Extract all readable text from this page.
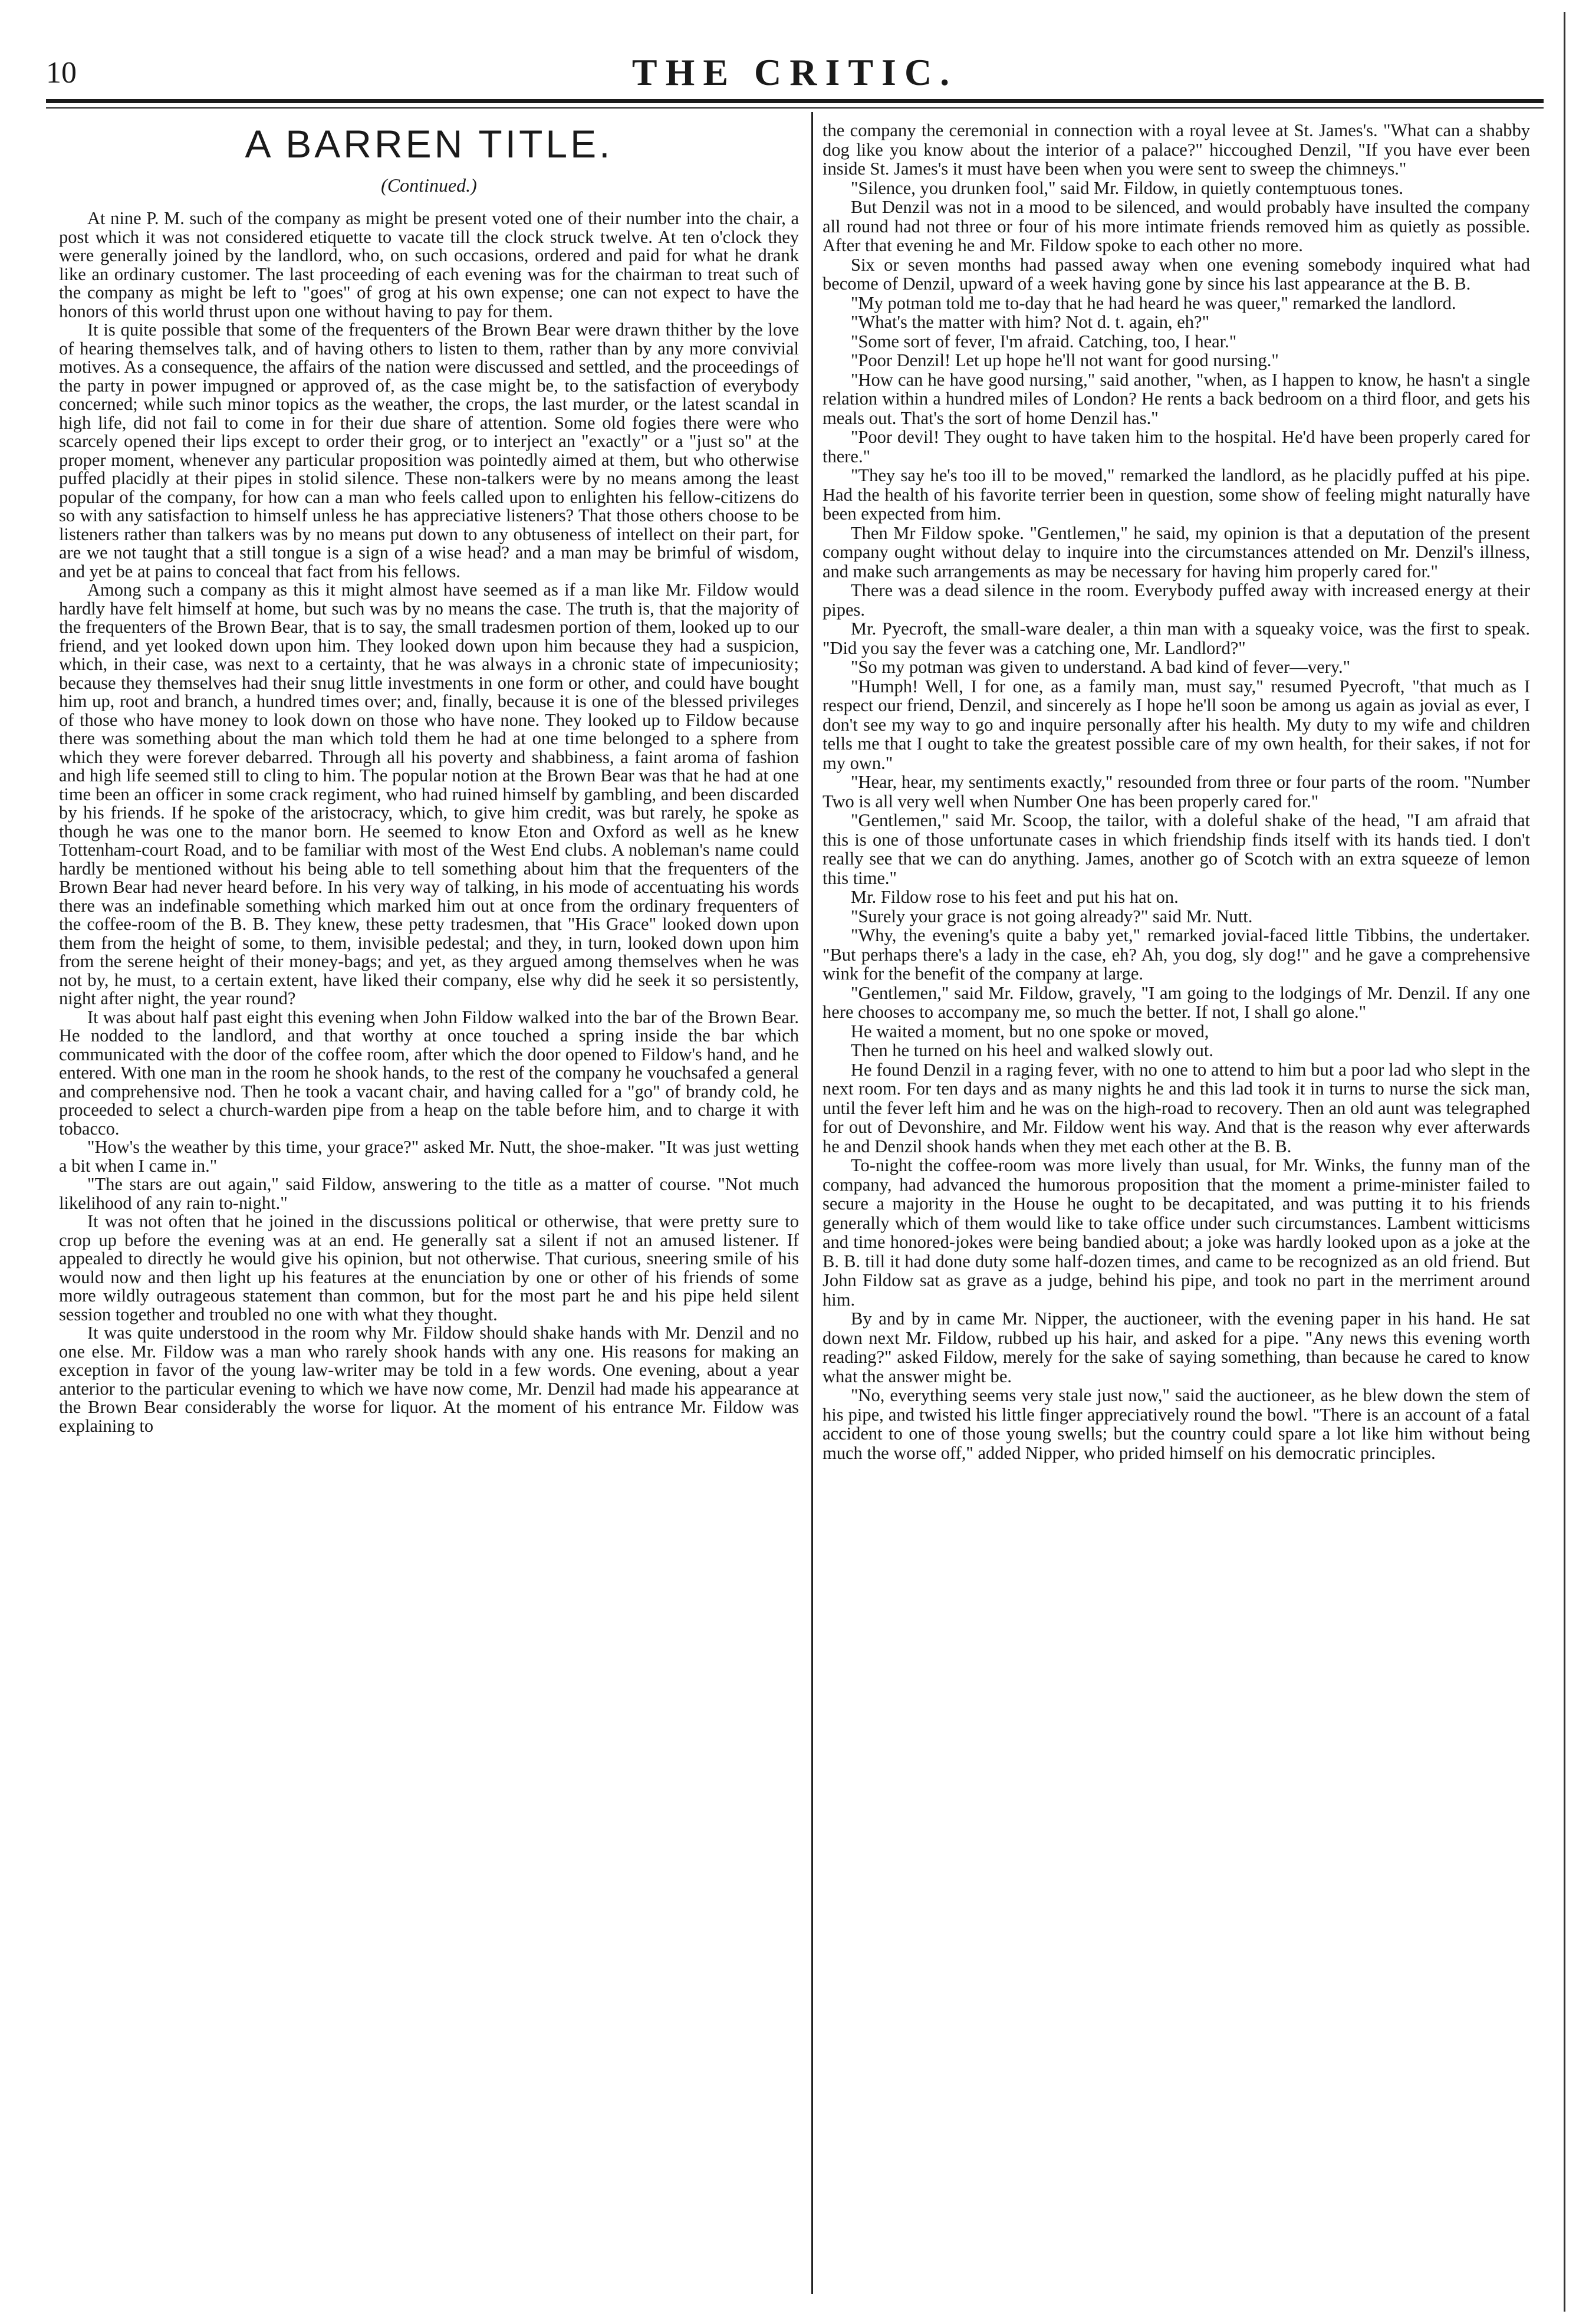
10	THE CRITIC.
A BARREN TITLE.
(Continued.)

At nine P. M. such of the company as might be present voted one of their number into the chair, a post which it was not considered etiquette to vacate till the clock struck twelve. At ten o'clock they were generally joined by the landlord, who, on such occasions, ordered and paid for what he drank like an ordinary customer. The last proceeding of each evening was for the chairman to treat such of the company as might be left to "goes" of grog at his own expense; one can not expect to have the honors of this world thrust upon one without having to pay for them.

It is quite possible that some of the frequenters of the Brown Bear were drawn thither by the love of hearing themselves talk, and of having others to listen to them, rather than by any more convivial motives. As a consequence, the affairs of the nation were discussed and settled, and the proceedings of the party in power impugned or approved of, as the case might be, to the satisfaction of everybody concerned; while such minor topics as the weather, the crops, the last murder, or the latest scandal in high life, did not fail to come in for their due share of attention. Some old fogies there were who scarcely opened their lips except to order their grog, or to interject an "exactly" or a "just so" at the proper moment, whenever any particular proposition was pointedly aimed at them, but who otherwise puffed placidly at their pipes in stolid silence. These non-talkers were by no means among the least popular of the company, for how can a man who feels called upon to enlighten his fellow-citizens do so with any satisfaction to himself unless he has appreciative listeners? That those others choose to be listeners rather than talkers was by no means put down to any obtuseness of intellect on their part, for are we not taught that a still tongue is a sign of a wise head? and a man may be brimful of wisdom, and yet be at pains to conceal that fact from his fellows.

Among such a company as this it might almost have seemed as if a man like Mr. Fildow would hardly have felt himself at home, but such was by no means the case. The truth is, that the majority of the frequenters of the Brown Bear, that is to say, the small tradesmen portion of them, looked up to our friend, and yet looked down upon him. They looked down upon him because they had a suspicion, which, in their case, was next to a certainty, that he was always in a chronic state of impecuniosity; because they themselves had their snug little investments in one form or other, and could have bought him up, root and branch, a hundred times over; and, finally, because it is one of the blessed privileges of those who have money to look down on those who have none. They looked up to Fildow because there was something about the man which told them he had at one time belonged to a sphere from which they were forever debarred. Through all his poverty and shabbiness, a faint aroma of fashion and high life seemed still to cling to him. The popular notion at the Brown Bear was that he had at one time been an officer in some crack regiment, who had ruined himself by gambling, and been discarded by his friends. If he spoke of the aristocracy, which, to give him credit, was but rarely, he spoke as though he was one to the manor born. He seemed to know Eton and Oxford as well as he knew Tottenham-court Road, and to be familiar with most of the West End clubs. A nobleman's name could hardly be mentioned without his being able to tell something about him that the frequenters of the Brown Bear had never heard before. In his very way of talking, in his mode of accentuating his words there was an indefinable something which marked him out at once from the ordinary frequenters of the coffee-room of the B. B. They knew, these petty tradesmen, that "His Grace" looked down upon them from the height of some, to them, invisible pedestal; and they, in turn, looked down upon him from the serene height of their money-bags; and yet, as they argued among themselves when he was not by, he must, to a certain extent, have liked their company, else why did he seek it so persistently, night after night, the year round?

It was about half past eight this evening when John Fildow walked into the bar of the Brown Bear. He nodded to the landlord, and that worthy at once touched a spring inside the bar which communicated with the door of the coffee room, after which the door opened to Fildow's hand, and he entered. With one man in the room he shook hands, to the rest of the company he vouchsafed a general and comprehensive nod. Then he took a vacant chair, and having called for a "go" of brandy cold, he proceeded to select a church-warden pipe from a heap on the table before him, and to charge it with tobacco.

"How's the weather by this time, your grace?" asked Mr. Nutt, the shoe-maker. "It was just wetting a bit when I came in."

"The stars are out again," said Fildow, answering to the title as a matter of course. "Not much likelihood of any rain to-night."

It was not often that he joined in the discussions political or otherwise, that were pretty sure to crop up before the evening was at an end. He generally sat a silent if not an amused listener. If appealed to directly he would give his opinion, but not otherwise. That curious, sneering smile of his would now and then light up his features at the enunciation by one or other of his friends of some more wildly outrageous statement than common, but for the most part he and his pipe held silent session together and troubled no one with what they thought.

It was quite understood in the room why Mr. Fildow should shake hands with Mr. Denzil and no one else. Mr. Fildow was a man who rarely shook hands with any one. His reasons for making an exception in favor of the young law-writer may be told in a few words. One evening, about a year anterior to the particular evening to which we have now come, Mr. Denzil had made his appearance at the Brown Bear considerably the worse for liquor. At the moment of his entrance Mr. Fildow was explaining to

the company the ceremonial in connection with a royal levee at St. James's. "What can a shabby dog like you know about the interior of a palace?" hiccoughed Denzil, "If you have ever been inside St. James's it must have been when you were sent to sweep the chimneys."

"Silence, you drunken fool," said Mr. Fildow, in quietly contemptuous tones.

But Denzil was not in a mood to be silenced, and would probably have insulted the company all round had not three or four of his more intimate friends removed him as quietly as possible. After that evening he and Mr. Fildow spoke to each other no more.

Six or seven months had passed away when one evening somebody inquired what had become of Denzil, upward of a week having gone by since his last appearance at the B. B.

"My potman told me to-day that he had heard he was queer," remarked the landlord.

"What's the matter with him? Not d. t. again, eh?"

"Some sort of fever, I'm afraid. Catching, too, I hear."

"Poor Denzil! Let up hope he'll not want for good nursing."

"How can he have good nursing," said another, "when, as I happen to know, he hasn't a single relation within a hundred miles of London? He rents a back bedroom on a third floor, and gets his meals out. That's the sort of home Denzil has."

"Poor devil! They ought to have taken him to the hospital. He'd have been properly cared for there."

"They say he's too ill to be moved," remarked the landlord, as he placidly puffed at his pipe. Had the health of his favorite terrier been in question, some show of feeling might naturally have been expected from him.

Then Mr Fildow spoke. "Gentlemen," he said, my opinion is that a deputation of the present company ought without delay to inquire into the circumstances attended on Mr. Denzil's illness, and make such arrangements as may be necessary for having him properly cared for."

There was a dead silence in the room. Everybody puffed away with increased energy at their pipes.

Mr. Pyecroft, the small-ware dealer, a thin man with a squeaky voice, was the first to speak. "Did you say the fever was a catching one, Mr. Landlord?"

"So my potman was given to understand. A bad kind of fever—very."

"Humph! Well, I for one, as a family man, must say," resumed Pyecroft, "that much as I respect our friend, Denzil, and sincerely as I hope he'll soon be among us again as jovial as ever, I don't see my way to go and inquire personally after his health. My duty to my wife and children tells me that I ought to take the greatest possible care of my own health, for their sakes, if not for my own."

"Hear, hear, my sentiments exactly," resounded from three or four parts of the room. "Number Two is all very well when Number One has been properly cared for."

"Gentlemen," said Mr. Scoop, the tailor, with a doleful shake of the head, "I am afraid that this is one of those unfortunate cases in which friendship finds itself with its hands tied. I don't really see that we can do anything. James, another go of Scotch with an extra squeeze of lemon this time."

Mr. Fildow rose to his feet and put his hat on.

"Surely your grace is not going already?" said Mr. Nutt.

"Why, the evening's quite a baby yet," remarked jovial-faced little Tibbins, the undertaker. "But perhaps there's a lady in the case, eh? Ah, you dog, sly dog!" and he gave a comprehensive wink for the benefit of the company at large.

"Gentlemen," said Mr. Fildow, gravely, "I am going to the lodgings of Mr. Denzil. If any one here chooses to accompany me, so much the better. If not, I shall go alone."

He waited a moment, but no one spoke or moved,

Then he turned on his heel and walked slowly out.

He found Denzil in a raging fever, with no one to attend to him but a poor lad who slept in the next room. For ten days and as many nights he and this lad took it in turns to nurse the sick man, until the fever left him and he was on the high-road to recovery. Then an old aunt was telegraphed for out of Devonshire, and Mr. Fildow went his way. And that is the reason why ever afterwards he and Denzil shook hands when they met each other at the B. B.

To-night the coffee-room was more lively than usual, for Mr. Winks, the funny man of the company, had advanced the humorous proposition that the moment a prime-minister failed to secure a majority in the House he ought to be decapitated, and was putting it to his friends generally which of them would like to take office under such circumstances. Lambent witticisms and time honored-jokes were being bandied about; a joke was hardly looked upon as a joke at the B. B. till it had done duty some half-dozen times, and came to be recognized as an old friend. But John Fildow sat as grave as a judge, behind his pipe, and took no part in the merriment around him.

By and by in came Mr. Nipper, the auctioneer, with the evening paper in his hand. He sat down next Mr. Fildow, rubbed up his hair, and asked for a pipe. "Any news this evening worth reading?" asked Fildow, merely for the sake of saying something, than because he cared to know what the answer might be.

"No, everything seems very stale just now," said the auctioneer, as he blew down the stem of his pipe, and twisted his little finger appreciatively round the bowl. "There is an account of a fatal accident to one of those young swells; but the country could spare a lot like him without being much the worse off," added Nipper, who prided himself on his democratic principles.
